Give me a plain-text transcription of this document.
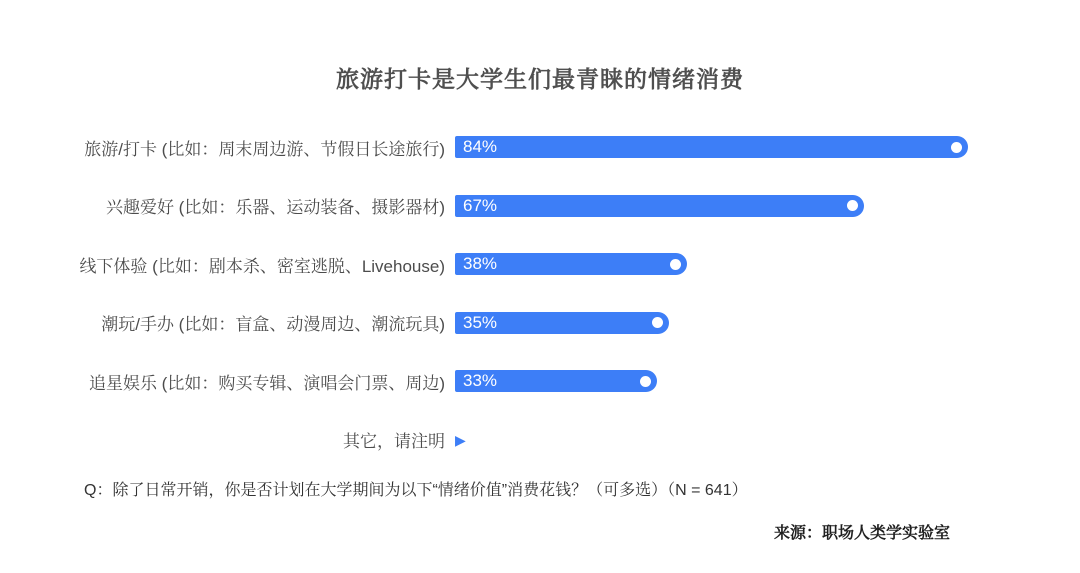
旅游打卡是大学生们最青睐的情绪消费
旅游/打卡 (比如：周末周边游、节假日长途旅行) 84%
兴趣爱好 (比如：乐器、运动装备、摄影器材) 67%
线下体验 (比如：剧本杀、密室逃脱、Livehouse) 38%
潮玩/手办 (比如：盲盒、动漫周边、潮流玩具) 35%
追星娱乐 (比如：购买专辑、演唱会门票、周边) 33%
其它，请注明 ▶
Q：除了日常开销，你是否计划在大学期间为以下“情绪价值”消费花钱？（可多选）（N = 641）
来源：职场人类学实验室
